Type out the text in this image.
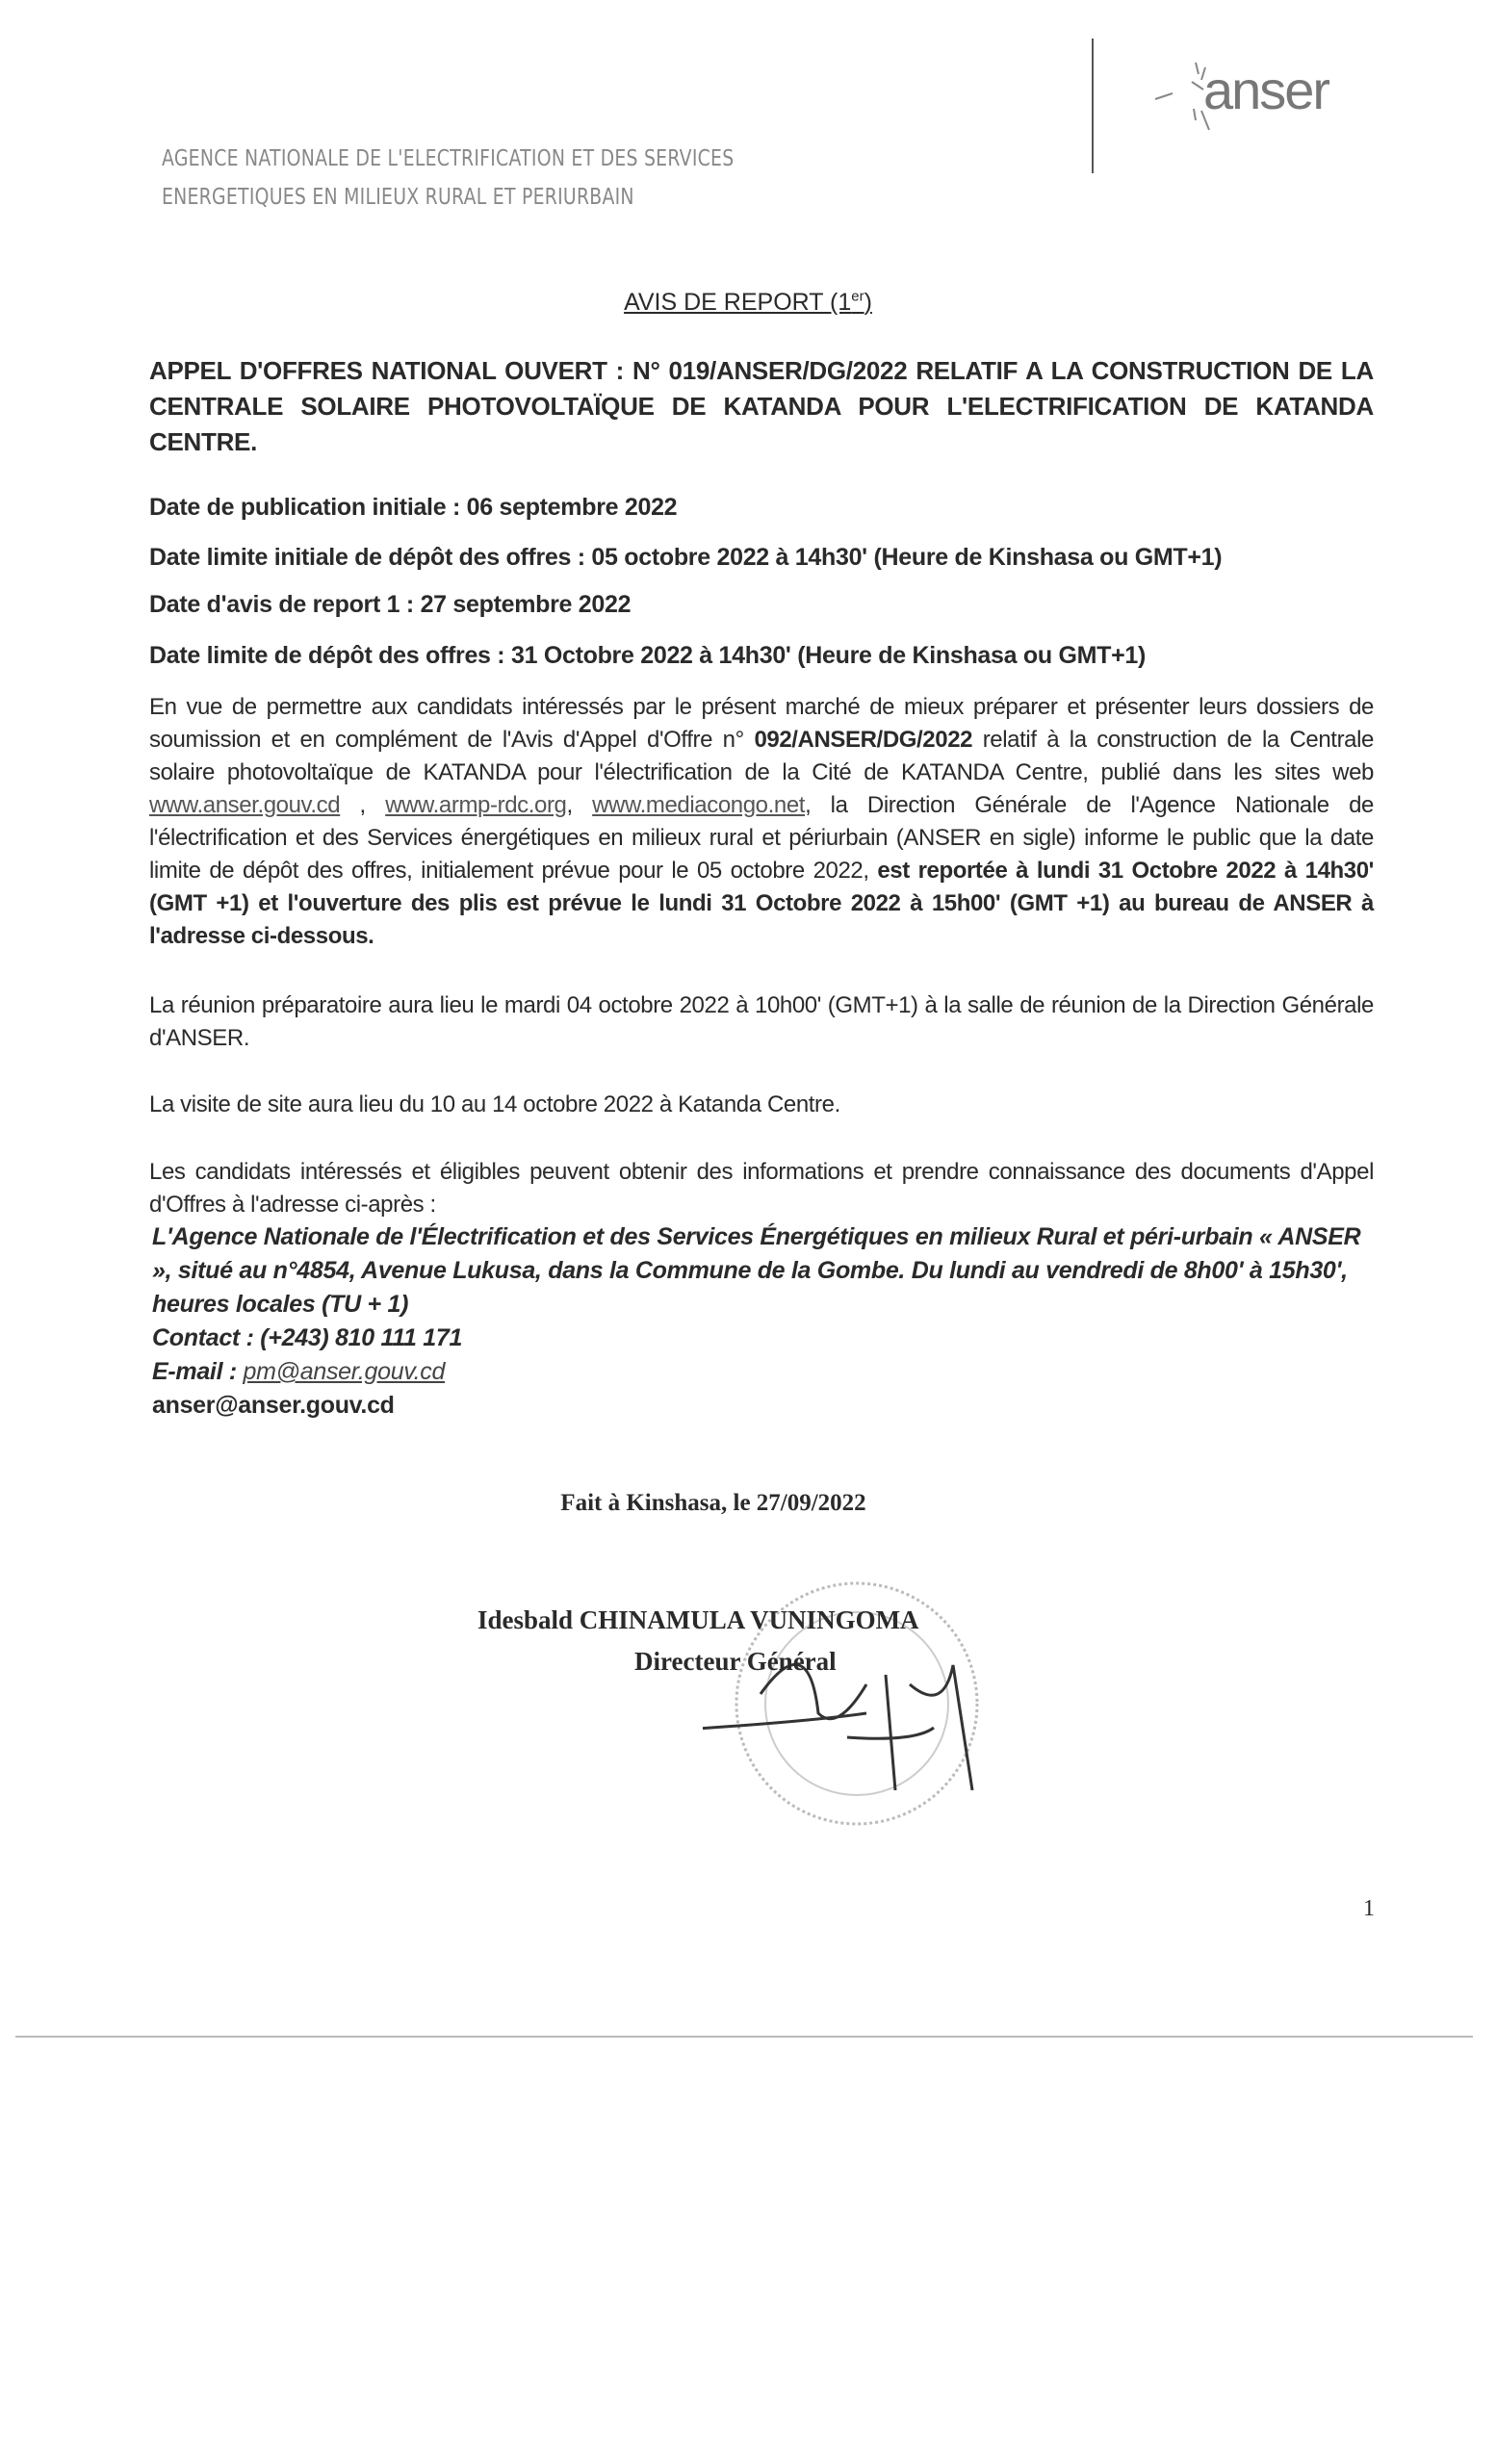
anser
AGENCE NATIONALE DE L'ELECTRIFICATION ET DES SERVICES
ENERGETIQUES EN MILIEUX RURAL ET PERIURBAIN
AVIS DE REPORT (1er)
APPEL D'OFFRES NATIONAL OUVERT : N° 019/ANSER/DG/2022 RELATIF A LA CONSTRUCTION DE LA CENTRALE SOLAIRE PHOTOVOLTAÏQUE DE KATANDA POUR L'ELECTRIFICATION DE KATANDA CENTRE.
Date de publication initiale : 06 septembre 2022
Date limite initiale de dépôt des offres : 05 octobre 2022 à 14h30' (Heure de Kinshasa ou GMT+1)
Date d'avis de report 1 : 27 septembre 2022
Date limite de dépôt des offres : 31 Octobre 2022 à 14h30' (Heure de Kinshasa ou GMT+1)
En vue de permettre aux candidats intéressés par le présent marché de mieux préparer et présenter leurs dossiers de soumission et en complément de l'Avis d'Appel d'Offre n° 092/ANSER/DG/2022 relatif à la construction de la Centrale solaire photovoltaïque de KATANDA pour l'électrification de la Cité de KATANDA Centre, publié dans les sites web www.anser.gouv.cd , www.armp-rdc.org, www.mediacongo.net, la Direction Générale de l'Agence Nationale de l'électrification et des Services énergétiques en milieux rural et périurbain (ANSER en sigle) informe le public que la date limite de dépôt des offres, initialement prévue pour le 05 octobre 2022, est reportée à lundi 31 Octobre 2022 à 14h30' (GMT +1) et l'ouverture des plis est prévue le lundi 31 Octobre 2022 à 15h00' (GMT +1) au bureau de ANSER à l'adresse ci-dessous.
La réunion préparatoire aura lieu le mardi 04 octobre 2022 à 10h00' (GMT+1) à la salle de réunion de la Direction Générale d'ANSER.
La visite de site aura lieu du 10 au 14 octobre 2022 à Katanda Centre.
Les candidats intéressés et éligibles peuvent obtenir des informations et prendre connaissance des documents d'Appel d'Offres à l'adresse ci-après :
L'Agence Nationale de l'Électrification et des Services Énergétiques en milieux Rural et péri-urbain « ANSER », situé au n°4854, Avenue Lukusa, dans la Commune de la Gombe. Du lundi au vendredi de 8h00' à 15h30', heures locales (TU + 1)
Contact : (+243) 810 111 171
E-mail : pm@anser.gouv.cd
anser@anser.gouv.cd
Fait à Kinshasa, le 27/09/2022
Idesbald CHINAMULA VUNINGOMA
Directeur Général
1
